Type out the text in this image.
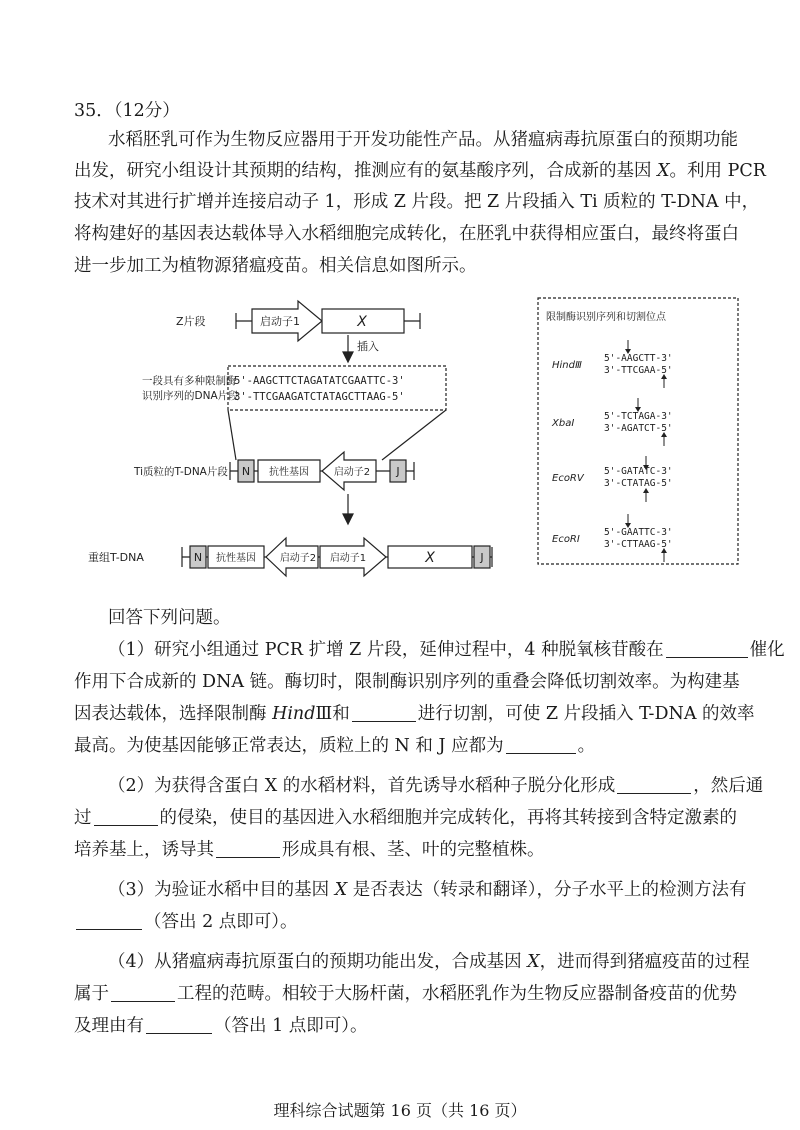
35．（12分）
水稻胚乳可作为生物反应器用于开发功能性产品。从猪瘟病毒抗原蛋白的预期功能
出发，研究小组设计其预期的结构，推测应有的氨基酸序列，合成新的基因 X。利用 PCR
技术对其进行扩增并连接启动子 1，形成 Z 片段。把 Z 片段插入 Ti 质粒的 T-DNA 中，
将构建好的基因表达载体导入水稻细胞完成转化，在胚乳中获得相应蛋白，最终将蛋白
进一步加工为植物源猪瘟疫苗。相关信息如图所示。
Z片段	启动子1	X
插入
一段具有多种限制酶
识别序列的DNA片段
5'-AAGCTTCTAGATATCGAATTC-3'
3'-TTCGAAGATCTATAGCTTAAG-5'
Ti质粒的T-DNA片段 N 抗性基因 启动子2 J
重组T-DNA	N 抗性基因 启动子2 启动子1	X	J
限制酶识别序列和切割位点
HindⅢ
5'-AAGCTT-3'
3'-TTCGAA-5'
XbaⅠ
5'-TCTAGA-3'
3'-AGATCT-5'
EcoRⅤ
5'-GATATC-3'
3'-CTATAG-5'
EcoRⅠ
5'-GAATTC-3'
3'-CTTAAG-5'
回答下列问题。
（1）研究小组通过 PCR 扩增 Z 片段，延伸过程中，4 种脱氧核苷酸在	催化
作用下合成新的 DNA 链。酶切时，限制酶识别序列的重叠会降低切割效率。为构建基
因表达载体，选择限制酶 HindⅢ和	进行切割，可使 Z 片段插入 T-DNA 的效率
最高。为使基因能够正常表达，质粒上的 N 和 J 应都为	。
（2）为获得含蛋白 X 的水稻材料，首先诱导水稻种子脱分化形成	，然后通
过	的侵染，使目的基因进入水稻细胞并完成转化，再将其转接到含特定激素的
培养基上，诱导其	形成具有根、茎、叶的完整植株。
（3）为验证水稻中目的基因 X 是否表达（转录和翻译），分子水平上的检测方法有
（答出 2 点即可）。
（4）从猪瘟病毒抗原蛋白的预期功能出发，合成基因 X，进而得到猪瘟疫苗的过程
属于	工程的范畴。相较于大肠杆菌，水稻胚乳作为生物反应器制备疫苗的优势
及理由有	（答出 1 点即可）。
理科综合试题第 16 页（共 16 页）
